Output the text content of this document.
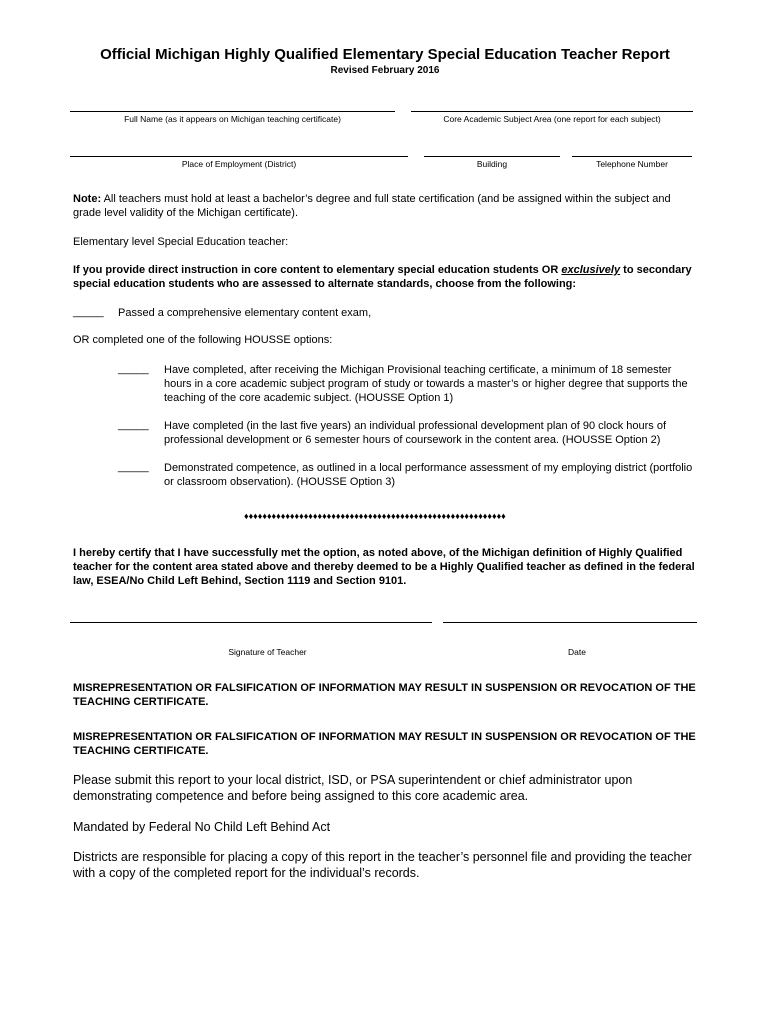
Official Michigan Highly Qualified Elementary Special Education Teacher Report
Revised February 2016
Full Name (as it appears on Michigan teaching certificate)	Core Academic Subject Area (one report for each subject)
Place of Employment (District)	Building	Telephone Number
Note: All teachers must hold at least a bachelor’s degree and full state certification (and be assigned within the subject and grade level validity of the Michigan certificate).
Elementary level Special Education teacher:
If you provide direct instruction in core content to elementary special education students OR exclusively to secondary special education students who are assessed to alternate standards, choose from the following:
_____ Passed a comprehensive elementary content exam,
OR completed one of the following HOUSSE options:
_____ Have completed, after receiving the Michigan Provisional teaching certificate, a minimum of 18 semester hours in a core academic subject program of study or towards a master’s or higher degree that supports the teaching of the core academic subject. (HOUSSE Option 1)
_____ Have completed (in the last five years) an individual professional development plan of 90 clock hours of professional development or 6 semester hours of coursework in the content area. (HOUSSE Option 2)
_____ Demonstrated competence, as outlined in a local performance assessment of my employing district (portfolio or classroom observation). (HOUSSE Option 3)
♦♦♦♦♦♦♦♦♦♦♦♦♦♦♦♦♦♦♦♦♦♦♦♦♦♦♦♦♦♦♦♦♦♦♦♦♦♦♦♦♦♦♦♦♦♦♦♦♦♦♦♦♦♦♦♦♦
I hereby certify that I have successfully met the option, as noted above, of the Michigan definition of Highly Qualified teacher for the content area stated above and thereby deemed to be a Highly Qualified teacher as defined in the federal law, ESEA/No Child Left Behind, Section 1119 and Section 9101.
Signature of Teacher	Date
MISREPRESENTATION OR FALSIFICATION OF INFORMATION MAY RESULT IN SUSPENSION OR REVOCATION OF THE TEACHING CERTIFICATE.
MISREPRESENTATION OR FALSIFICATION OF INFORMATION MAY RESULT IN SUSPENSION OR REVOCATION OF THE TEACHING CERTIFICATE.
Please submit this report to your local district, ISD, or PSA superintendent or chief administrator upon demonstrating competence and before being assigned to this core academic area.
Mandated by Federal No Child Left Behind Act
Districts are responsible for placing a copy of this report in the teacher’s personnel file and providing the teacher with a copy of the completed report for the individual’s records.
